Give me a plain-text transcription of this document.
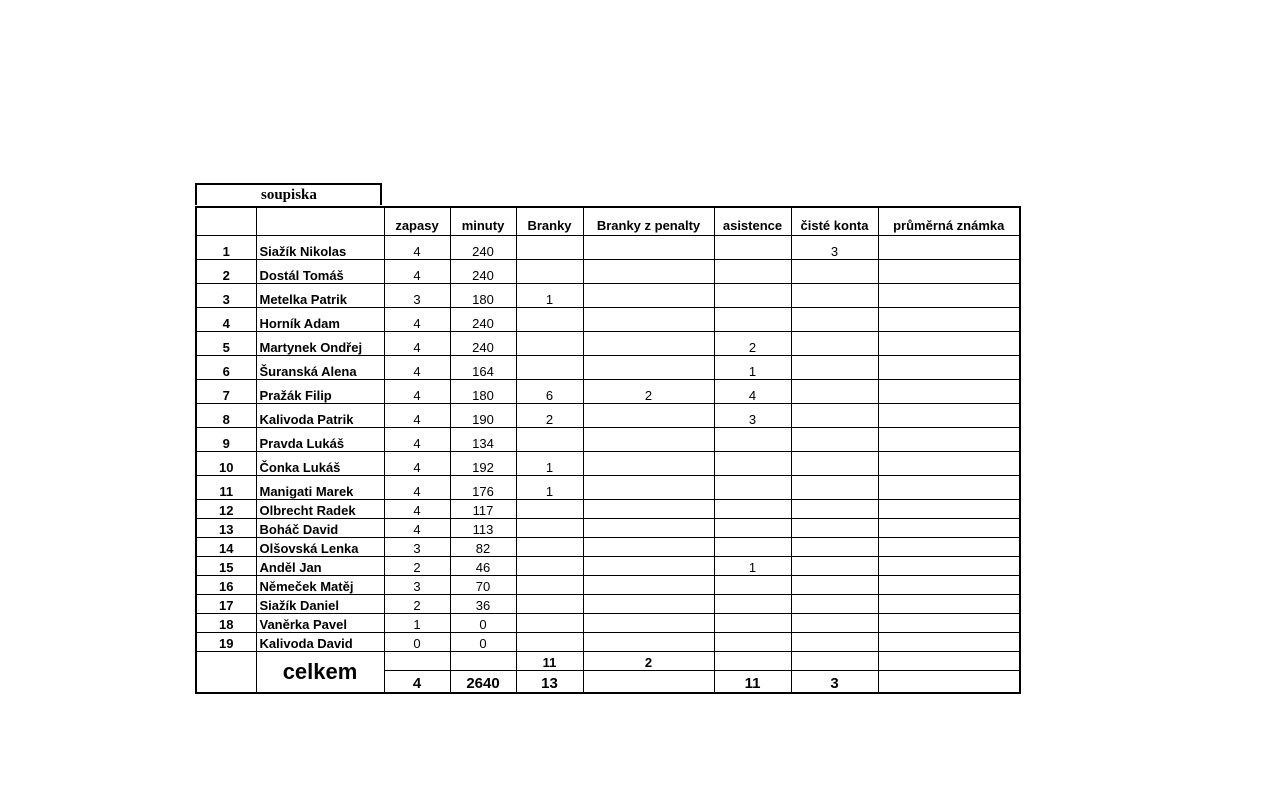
soupiska
		zapasy	minuty	Branky	Branky z penalty	asistence	čisté konta	průměrná známka
1	Siažík Nikolas	4	240				3	
2	Dostál Tomáš	4	240					
3	Metelka Patrik	3	180	1				
4	Horník Adam	4	240					
5	Martynek Ondřej	4	240			2		
6	Šuranská Alena	4	164			1		
7	Pražák Filip	4	180	6	2	4		
8	Kalivoda Patrik	4	190	2		3		
9	Pravda Lukáš	4	134					
10	Čonka Lukáš	4	192	1				
11	Manigati Marek	4	176	1				
12	Olbrecht Radek	4	117					
13	Boháč David	4	113					
14	Olšovská Lenka	3	82					
15	Anděl Jan	2	46			1		
16	Němeček Matěj	3	70					
17	Siažík Daniel	2	36					
18	Vaněrka Pavel	1	0					
19	Kalivoda David	0	0					
	celkem			11	2			
		4	2640	13		11	3	
